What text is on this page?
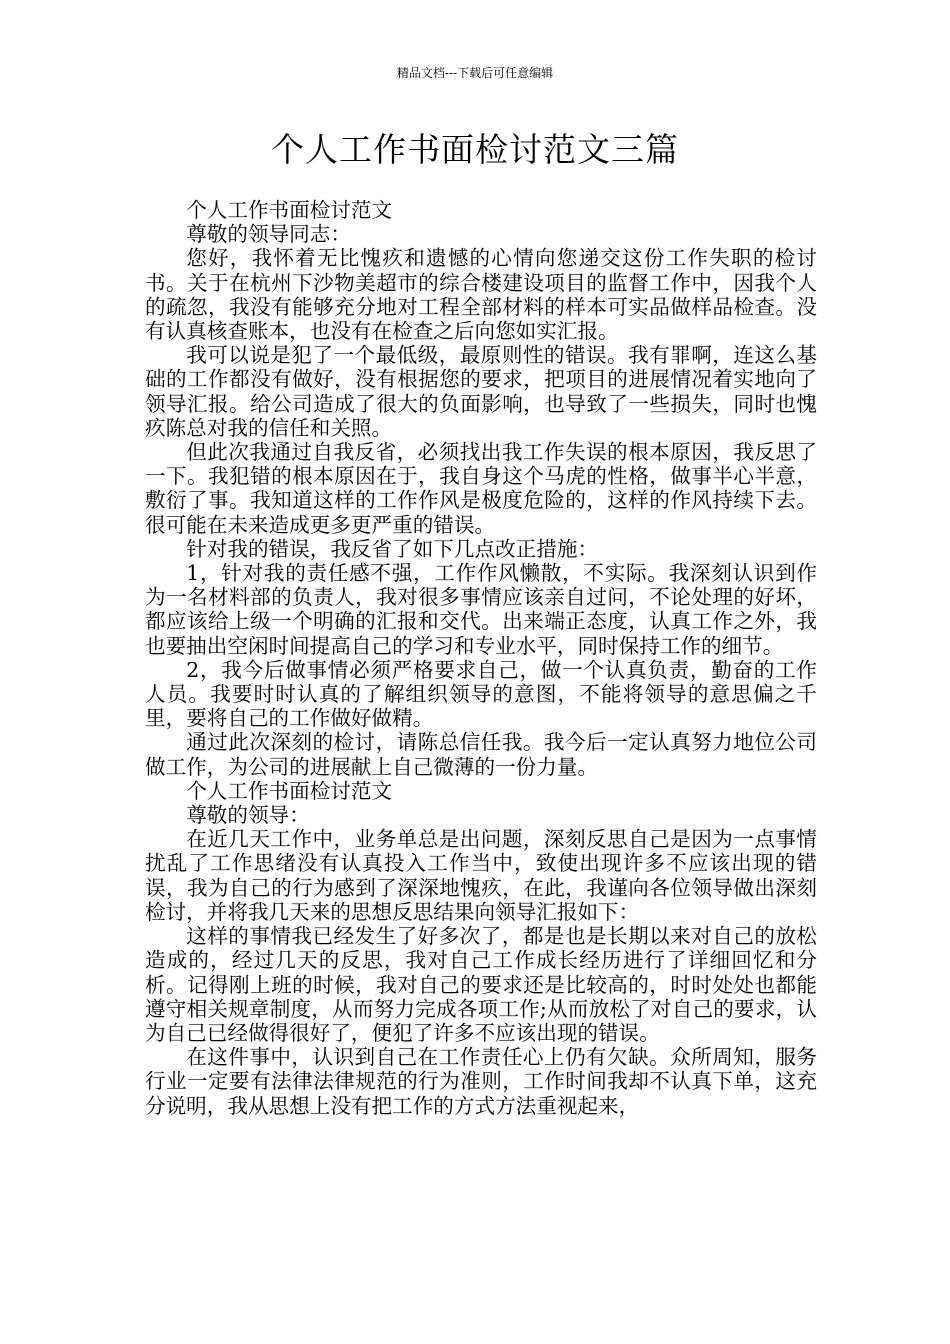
精品文档---下载后可任意编辑
个人工作书面检讨范文三篇

个人工作书面检讨范文

尊敬的领导同志：

您好，我怀着无比愧疚和遗憾的心情向您递交这份工作失职的检讨书。关于在杭州下沙物美超市的综合楼建设项目的监督工作中，因我个人的疏忽，我没有能够充分地对工程全部材料的样本可实品做样品检查。没有认真核查账本，也没有在检查之后向您如实汇报。

我可以说是犯了一个最低级，最原则性的错误。我有罪啊，连这么基础的工作都没有做好，没有根据您的要求，把项目的进展情况着实地向了领导汇报。给公司造成了很大的负面影响，也导致了一些损失，同时也愧疚陈总对我的信任和关照。

但此次我通过自我反省，必须找出我工作失误的根本原因，我反思了一下。我犯错的根本原因在于，我自身这个马虎的性格，做事半心半意，敷衍了事。我知道这样的工作作风是极度危险的，这样的作风持续下去。很可能在未来造成更多更严重的错误。

针对我的错误，我反省了如下几点改正措施：

1，针对我的责任感不强，工作作风懒散，不实际。我深刻认识到作为一名材料部的负责人，我对很多事情应该亲自过问，不论处理的好坏，都应该给上级一个明确的汇报和交代。出来端正态度，认真工作之外，我也要抽出空闲时间提高自己的学习和专业水平，同时保持工作的细节。

2，我今后做事情必须严格要求自己，做一个认真负责，勤奋的工作人员。我要时时认真的了解组织领导的意图，不能将领导的意思偏之千里，要将自己的工作做好做精。

通过此次深刻的检讨，请陈总信任我。我今后一定认真努力地位公司做工作，为公司的进展献上自己微薄的一份力量。

个人工作书面检讨范文

尊敬的领导：

在近几天工作中，业务单总是出问题，深刻反思自己是因为一点事情扰乱了工作思绪没有认真投入工作当中，致使出现许多不应该出现的错误，我为自己的行为感到了深深地愧疚，在此，我谨向各位领导做出深刻检讨，并将我几天来的思想反思结果向领导汇报如下：

这样的事情我已经发生了好多次了，都是也是长期以来对自己的放松造成的，经过几天的反思，我对自己工作成长经历进行了详细回忆和分析。记得刚上班的时候，我对自己的要求还是比较高的，时时处处也都能遵守相关规章制度，从而努力完成各项工作;从而放松了对自己的要求，认为自己已经做得很好了，便犯了许多不应该出现的错误。

在这件事中，认识到自己在工作责任心上仍有欠缺。众所周知，服务行业一定要有法律法律规范的行为准则，工作时间我却不认真下单，这充分说明，我从思想上没有把工作的方式方法重视起来，
